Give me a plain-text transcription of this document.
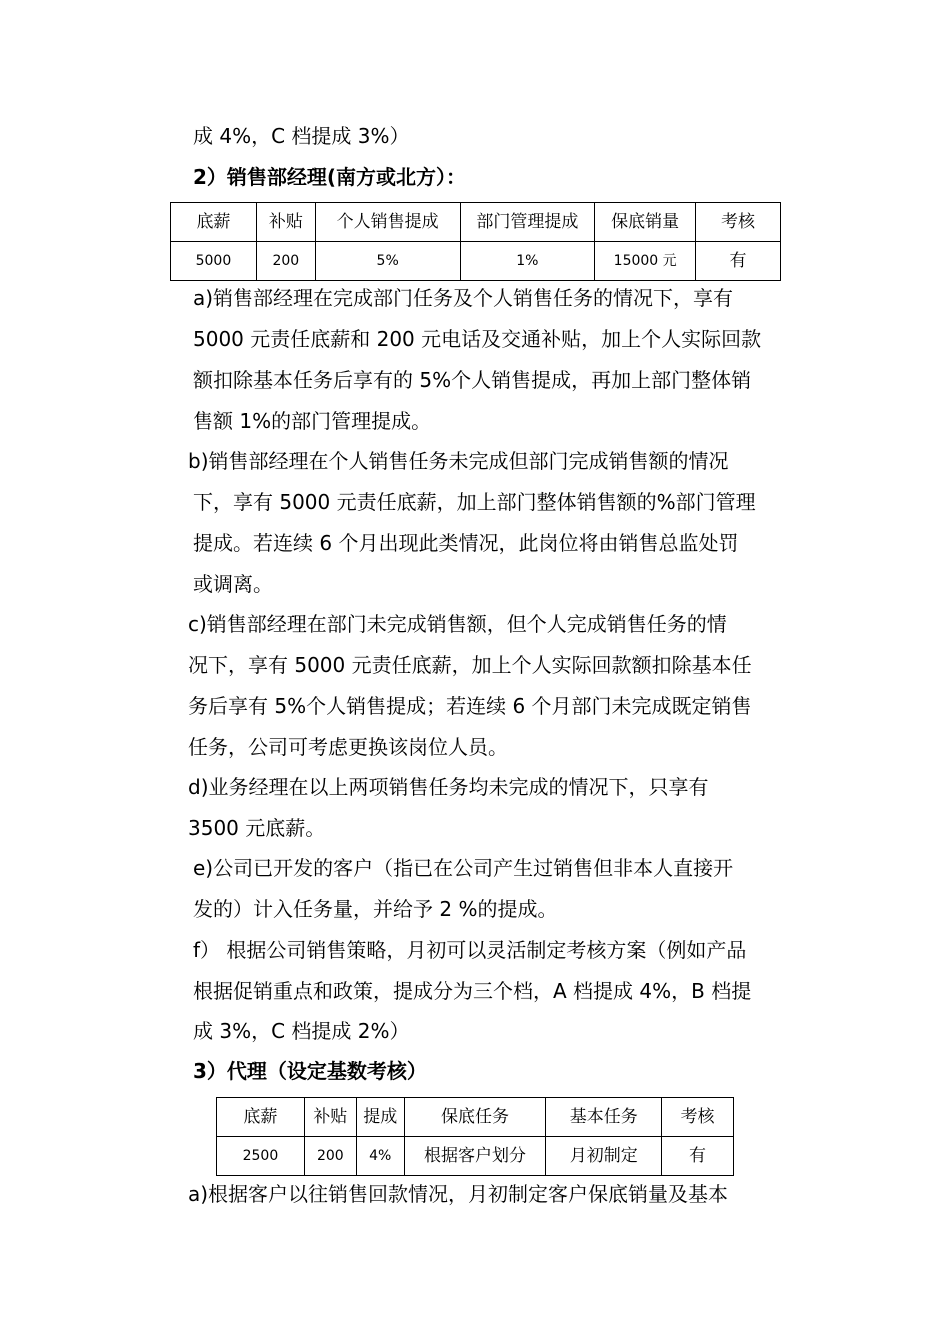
成 4%，C 档提成 3%）
2）销售部经理(南方或北方）：
底薪	补贴	个人销售提成	部门管理提成	保底销量	考核
5000	200	5%	1%	15000 元	有
a)销售部经理在完成部门任务及个人销售任务的情况下，享有
5000 元责任底薪和 200 元电话及交通补贴，加上个人实际回款
额扣除基本任务后享有的 5%个人销售提成，再加上部门整体销
售额 1%的部门管理提成。
b)销售部经理在个人销售任务未完成但部门完成销售额的情况
下，享有 5000 元责任底薪，加上部门整体销售额的%部门管理
提成。若连续 6 个月出现此类情况，此岗位将由销售总监处罚
或调离。
c)销售部经理在部门未完成销售额，但个人完成销售任务的情
况下，享有 5000 元责任底薪，加上个人实际回款额扣除基本任
务后享有 5%个人销售提成；若连续 6 个月部门未完成既定销售
任务，公司可考虑更换该岗位人员。
d)业务经理在以上两项销售任务均未完成的情况下，只享有
3500 元底薪。
e)公司已开发的客户（指已在公司产生过销售但非本人直接开
发的）计入任务量，并给予 2 %的提成。
f） 根据公司销售策略，月初可以灵活制定考核方案（例如产品
根据促销重点和政策，提成分为三个档，A 档提成 4%，B 档提
成 3%，C 档提成 2%）
3）代理（设定基数考核）
底薪	补贴	提成	保底任务	基本任务	考核
2500	200	4%	根据客户划分	月初制定	有
a)根据客户以往销售回款情况，月初制定客户保底销量及基本
